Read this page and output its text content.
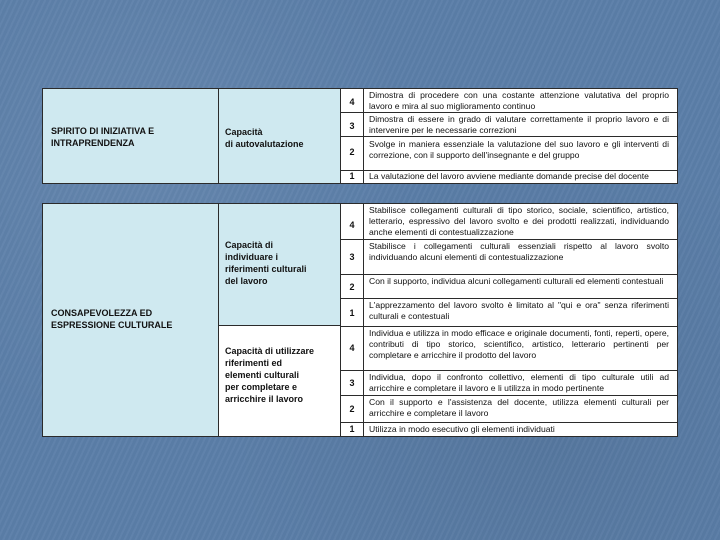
SPIRITO DI INIZIATIVA E
INTRAPRENDENZA
Capacità
di autovalutazione
4
Dimostra di procedere con una costante attenzione valutativa del proprio lavoro e mira al suo miglioramento continuo
3
Dimostra di essere in grado di valutare correttamente il proprio lavoro e di intervenire per le necessarie correzioni
2
Svolge in maniera essenziale la valutazione del suo lavoro e gli interventi di correzione, con il supporto dell'insegnante e del gruppo
1	La valutazione del lavoro avviene mediante domande precise del docente
CONSAPEVOLEZZA ED
ESPRESSIONE CULTURALE
Capacità di
individuare i
riferimenti culturali
del lavoro
Capacità di utilizzare
riferimenti ed
elementi culturali
per completare e
arricchire il lavoro
4
Stabilisce collegamenti culturali di tipo storico, sociale, scientifico, artistico, letterario, espressivo del lavoro svolto e dei prodotti realizzati, individuando anche elementi di contestualizzazione
3
Stabilisce i collegamenti culturali essenziali rispetto al lavoro svolto individuando alcuni elementi di contestualizzazione
2
Con il supporto, individua alcuni collegamenti culturali ed elementi contestuali
1
L'apprezzamento del lavoro svolto è limitato al "qui e ora" senza riferimenti culturali e contestuali
4
Individua e utilizza in modo efficace e originale documenti, fonti, reperti, opere, contributi di tipo storico, scientifico, artistico, letterario pertinenti per completare e arricchire il prodotto del lavoro
3
Individua, dopo il confronto collettivo, elementi di tipo culturale utili ad arricchire e completare il lavoro e li utilizza in modo pertinente
2
Con il supporto e l'assistenza del docente, utilizza elementi culturali per arricchire e completare il lavoro
1	Utilizza in modo esecutivo gli elementi individuati
